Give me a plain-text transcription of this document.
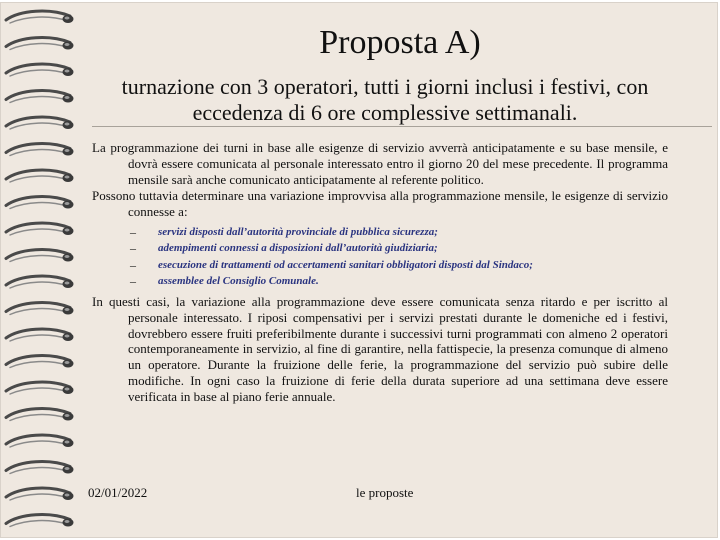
Proposta A)
turnazione con 3 operatori, tutti i giorni inclusi i festivi, con eccedenza di 6 ore complessive settimanali.

La programmazione dei turni in base alle esigenze di servizio avverrà anticipatamente e su base mensile, e dovrà essere comunicata al personale interessato entro il giorno 20 del mese precedente. Il programma mensile sarà anche comunicato anticipatamente al referente politico.

Possono tuttavia determinare una variazione improvvisa alla programmazione mensile, le esigenze di servizio connesse a:

– servizi disposti dall’autorità provinciale di pubblica sicurezza;
– adempimenti connessi a disposizioni dall’autorità giudiziaria;
– esecuzione di trattamenti od accertamenti sanitari obbligatori disposti dal Sindaco;
– assemblee del Consiglio Comunale.

In questi casi, la variazione alla programmazione deve essere comunicata senza ritardo e per iscritto al personale interessato. I riposi compensativi per i servizi prestati durante le domeniche ed i festivi, dovrebbero essere fruiti preferibilmente durante i successivi turni programmati con almeno 2 operatori contemporaneamente in servizio, al fine di garantire, nella fattispecie, la presenza comunque di almeno un operatore. Durante la fruizione delle ferie, la programmazione del servizio può subire delle modifiche. In ogni caso la fruizione di ferie della durata superiore ad una settimana deve essere verificata in base al piano ferie annuale.

02/01/2022	le proposte
